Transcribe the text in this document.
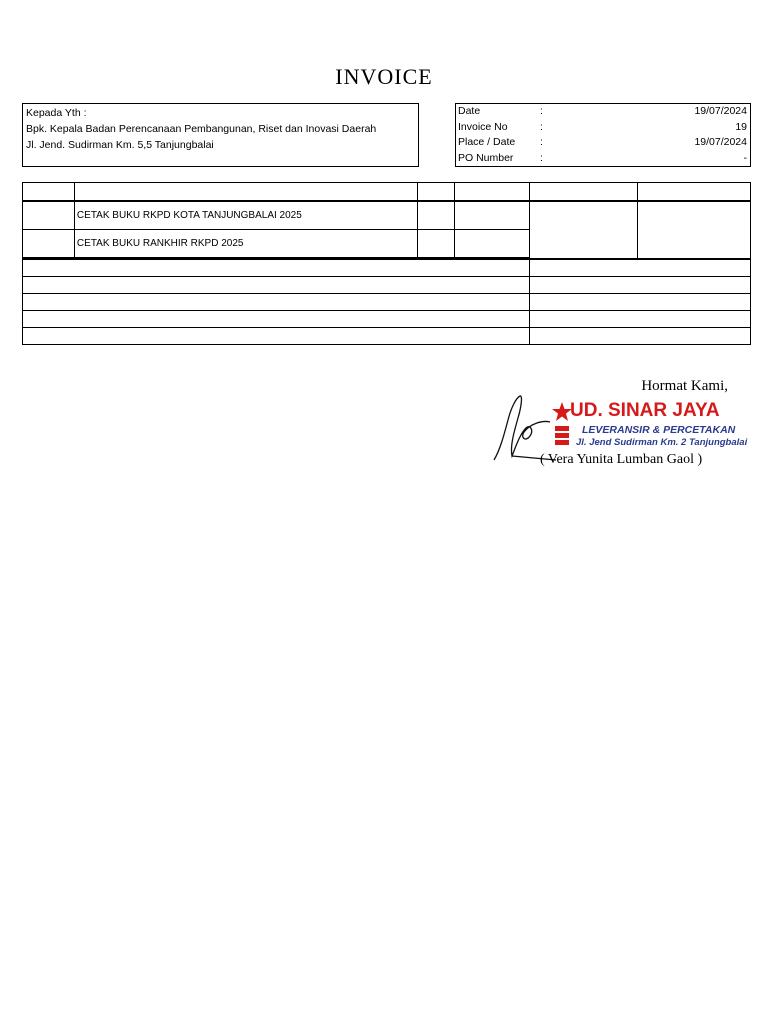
INVOICE
Kepada Yth :
Bpk. Kepala Badan Perencanaan Pembangunan, Riset dan Inovasi Daerah
Jl. Jend. Sudirman Km. 5,5 Tanjungbalai
Date	:	19/07/2024
Invoice No	:	19
Place / Date :	19/07/2024
PO Number	:	-

	CETAK BUKU RKPD KOTA TANJUNGBALAI 2025				
	CETAK BUKU RANKHIR RKPD 2025				

Hormat Kami,
UD. SINAR JAYA
LEVERANSIR & PERCETAKAN
Jl. Jend Sudirman Km. 2 Tanjungbalai
( Vera Yunita Lumban Gaol )
